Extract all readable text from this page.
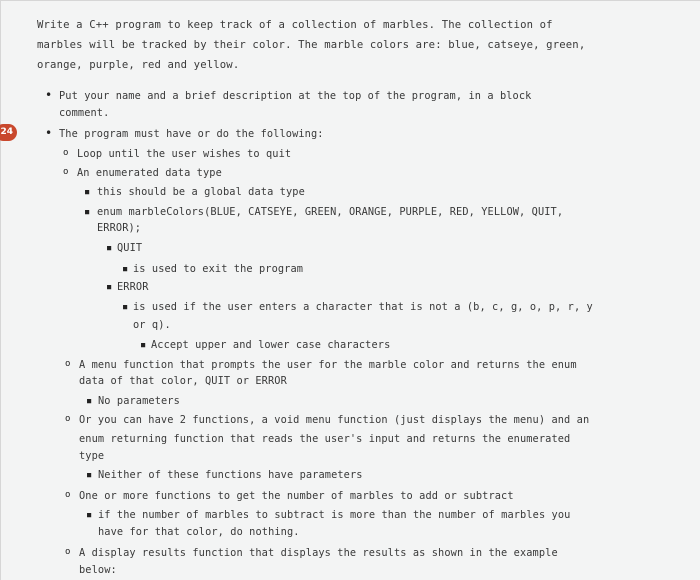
Write a C++ program to keep track of a collection of marbles. The collection of
marbles will be tracked by their color. The marble colors are: blue, catseye, green,
orange, purple, red and yellow.
24
• Put your name and a brief description at the top of the program, in a block
comment.
• The program must have or do the following:
o Loop until the user wishes to quit
o An enumerated data type
■ this should be a global data type
■ enum marbleColors(BLUE, CATSEYE, GREEN, ORANGE, PURPLE, RED, YELLOW, QUIT,
ERROR);
■ QUIT
■ is used to exit the program
■ ERROR
■ is used if the user enters a character that is not a (b, c, g, o, p, r, y
or q).
■ Accept upper and lower case characters
o A menu function that prompts the user for the marble color and returns the enum
data of that color, QUIT or ERROR
■ No parameters
o Or you can have 2 functions, a void menu function (just displays the menu) and an
enum returning function that reads the user's input and returns the enumerated
type
■ Neither of these functions have parameters
o One or more functions to get the number of marbles to add or subtract
■ if the number of marbles to subtract is more than the number of marbles you
have for that color, do nothing.
o A display results function that displays the results as shown in the example
below:
